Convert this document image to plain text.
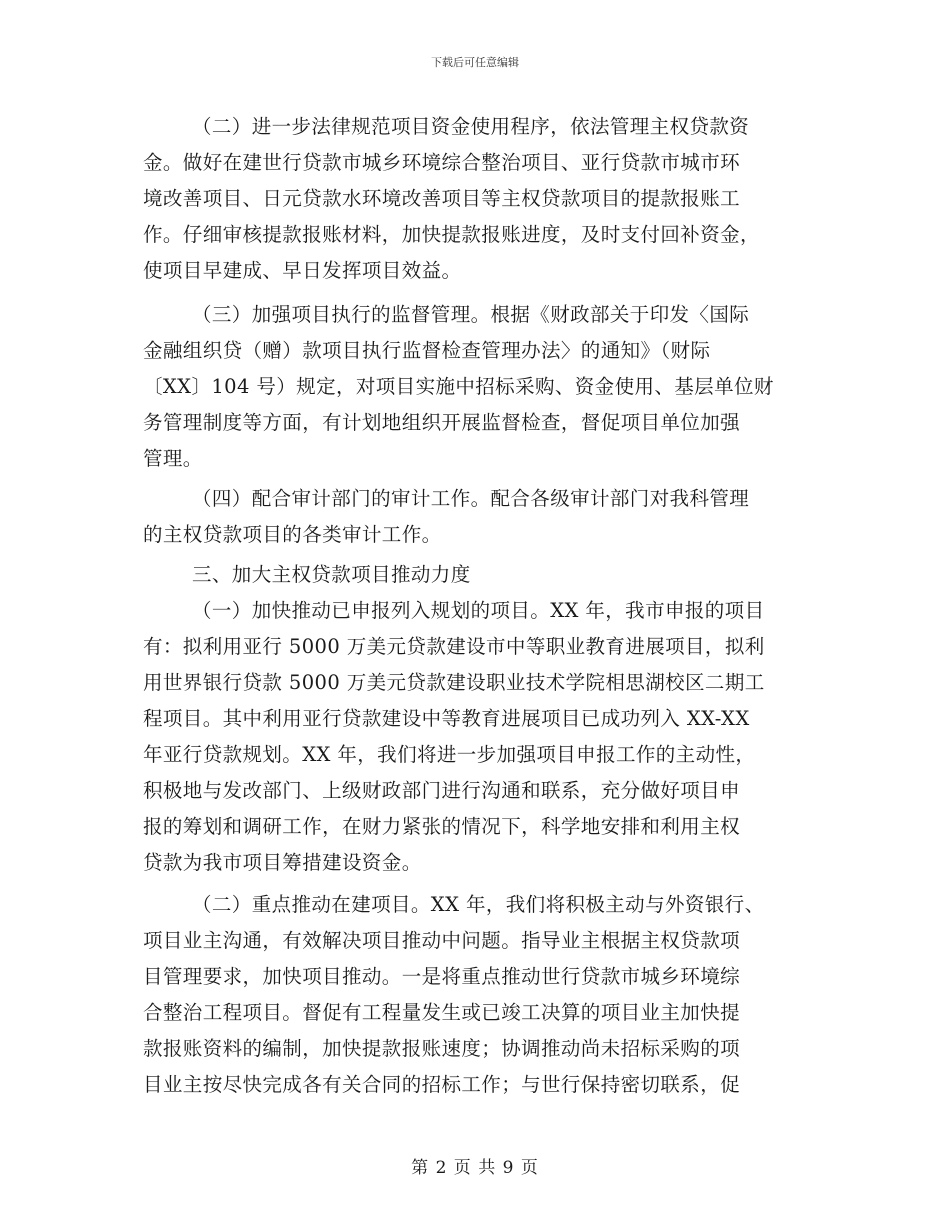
下载后可任意编辑
（二）进一步法律规范项目资金使用程序，依法管理主权贷款资
金。做好在建世行贷款市城乡环境综合整治项目、亚行贷款市城市环
境改善项目、日元贷款水环境改善项目等主权贷款项目的提款报账工
作。仔细审核提款报账材料，加快提款报账进度，及时支付回补资金，
使项目早建成、早日发挥项目效益。
（三）加强项目执行的监督管理。根据《财政部关于印发〈国际
金融组织贷（赠）款项目执行监督检查管理办法〉的通知》（财际
〔XX〕104 号）规定，对项目实施中招标采购、资金使用、基层单位财
务管理制度等方面，有计划地组织开展监督检查，督促项目单位加强
管理。
（四）配合审计部门的审计工作。配合各级审计部门对我科管理
的主权贷款项目的各类审计工作。
三、加大主权贷款项目推动力度
（一）加快推动已申报列入规划的项目。XX 年，我市申报的项目
有：拟利用亚行 5000 万美元贷款建设市中等职业教育进展项目，拟利
用世界银行贷款 5000 万美元贷款建设职业技术学院相思湖校区二期工
程项目。其中利用亚行贷款建设中等教育进展项目已成功列入 XX-XX
年亚行贷款规划。XX 年，我们将进一步加强项目申报工作的主动性，
积极地与发改部门、上级财政部门进行沟通和联系，充分做好项目申
报的筹划和调研工作，在财力紧张的情况下，科学地安排和利用主权
贷款为我市项目筹措建设资金。
（二）重点推动在建项目。XX 年，我们将积极主动与外资银行、
项目业主沟通，有效解决项目推动中问题。指导业主根据主权贷款项
目管理要求，加快项目推动。一是将重点推动世行贷款市城乡环境综
合整治工程项目。督促有工程量发生或已竣工决算的项目业主加快提
款报账资料的编制，加快提款报账速度；协调推动尚未招标采购的项
目业主按尽快完成各有关合同的招标工作；与世行保持密切联系，促
第 2 页 共 9 页
